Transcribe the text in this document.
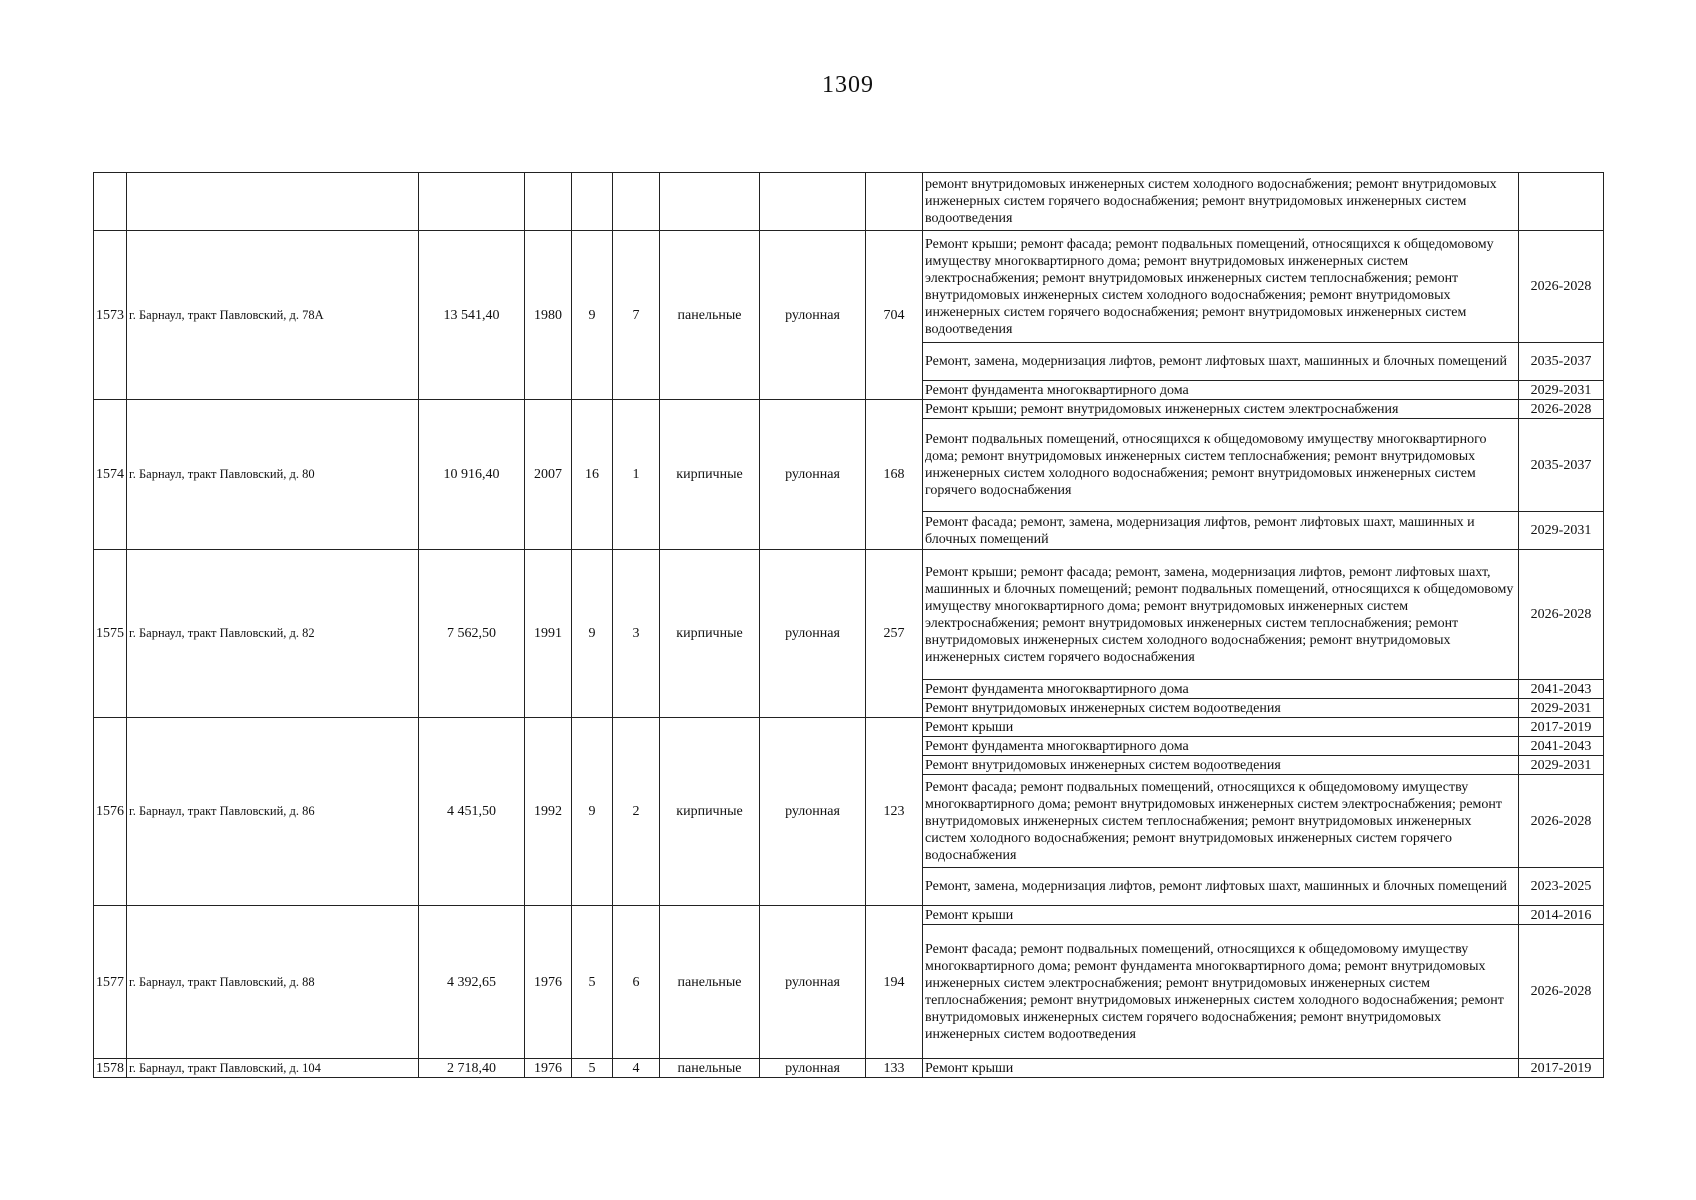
1309
									ремонт внутридомовых инженерных систем холодного водоснабжения; ремонт внутридомовых инженерных систем горячего водоснабжения; ремонт внутридомовых инженерных систем водоотведения	
1573	г. Барнаул, тракт Павловский, д. 78А	13 541,40	1980	9	7	панельные	рулонная	704	Ремонт крыши; ремонт фасада; ремонт подвальных помещений, относящихся к общедомовому имуществу многоквартирного дома; ремонт внутридомовых инженерных систем электроснабжения; ремонт внутридомовых инженерных систем теплоснабжения; ремонт внутридомовых инженерных систем холодного водоснабжения; ремонт внутридомовых инженерных систем горячего водоснабжения; ремонт внутридомовых инженерных систем водоотведения	2026-2028
									Ремонт, замена, модернизация лифтов, ремонт лифтовых шахт, машинных и блочных помещений	2035-2037
									Ремонт фундамента многоквартирного дома	2029-2031
1574	г. Барнаул, тракт Павловский, д. 80	10 916,40	2007	16	1	кирпичные	рулонная	168	Ремонт крыши; ремонт внутридомовых инженерных систем электроснабжения	2026-2028
									Ремонт подвальных помещений, относящихся к общедомовому имуществу многоквартирного дома; ремонт внутридомовых инженерных систем теплоснабжения; ремонт внутридомовых инженерных систем холодного водоснабжения; ремонт внутридомовых инженерных систем горячего водоснабжения	2035-2037
									Ремонт фасада; ремонт, замена, модернизация лифтов, ремонт лифтовых шахт, машинных и блочных помещений	2029-2031
1575	г. Барнаул, тракт Павловский, д. 82	7 562,50	1991	9	3	кирпичные	рулонная	257	Ремонт крыши; ремонт фасада; ремонт, замена, модернизация лифтов, ремонт лифтовых шахт, машинных и блочных помещений; ремонт подвальных помещений, относящихся к общедомовому имуществу многоквартирного дома; ремонт внутридомовых инженерных систем электроснабжения; ремонт внутридомовых инженерных систем теплоснабжения; ремонт внутридомовых инженерных систем холодного водоснабжения; ремонт внутридомовых инженерных систем горячего водоснабжения	2026-2028
									Ремонт фундамента многоквартирного дома	2041-2043
									Ремонт внутридомовых инженерных систем водоотведения	2029-2031
1576	г. Барнаул, тракт Павловский, д. 86	4 451,50	1992	9	2	кирпичные	рулонная	123	Ремонт крыши	2017-2019
									Ремонт фундамента многоквартирного дома	2041-2043
									Ремонт внутридомовых инженерных систем водоотведения	2029-2031
									Ремонт фасада; ремонт подвальных помещений, относящихся к общедомовому имуществу многоквартирного дома; ремонт внутридомовых инженерных систем электроснабжения; ремонт внутридомовых инженерных систем теплоснабжения; ремонт внутридомовых инженерных систем холодного водоснабжения; ремонт внутридомовых инженерных систем горячего водоснабжения	2026-2028
									Ремонт, замена, модернизация лифтов, ремонт лифтовых шахт, машинных и блочных помещений	2023-2025
1577	г. Барнаул, тракт Павловский, д. 88	4 392,65	1976	5	6	панельные	рулонная	194	Ремонт крыши	2014-2016
									Ремонт фасада; ремонт подвальных помещений, относящихся к общедомовому имуществу многоквартирного дома; ремонт фундамента многоквартирного дома; ремонт внутридомовых инженерных систем электроснабжения; ремонт внутридомовых инженерных систем теплоснабжения; ремонт внутридомовых инженерных систем холодного водоснабжения; ремонт внутридомовых инженерных систем горячего водоснабжения; ремонт внутридомовых инженерных систем водоотведения	2026-2028
1578	г. Барнаул, тракт Павловский, д. 104	2 718,40	1976	5	4	панельные	рулонная	133	Ремонт крыши	2017-2019
